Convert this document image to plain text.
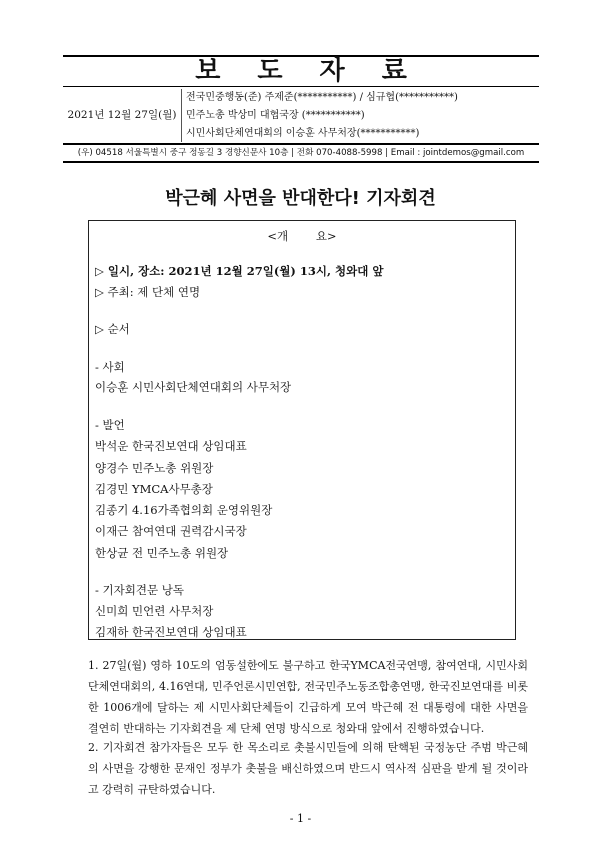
보 도 자 료
2021년 12월 27일(월)
전국민중행동(준) 주제준(***********) / 심규협(***********)
민주노총 박상미 대협국장 (***********)
시민사회단체연대회의 이승훈 사무처장(***********)
(우) 04518 서울특별시 중구 정동길 3 경향신문사 10층 | 전화 070-4088-5998 | Email : jointdemos@gmail.com
박근혜 사면을 반대한다! 기자회견
<개 요>
▷ 일시, 장소: 2021년 12월 27일(월) 13시, 청와대 앞
▷ 주최: 제 단체 연명
▷ 순서
- 사회
이승훈 시민사회단체연대회의 사무처장
- 발언
박석운 한국진보연대 상임대표
양경수 민주노총 위원장
김경민 YMCA사무총장
김종기 4.16가족협의회 운영위원장
이재근 참여연대 권력감시국장
한상균 전 민주노총 위원장
- 기자회견문 낭독
신미희 민언련 사무처장
김재하 한국진보연대 상임대표
1. 27일(월) 영하 10도의 엄동설한에도 불구하고 한국YMCA전국연맹, 참여연대, 시민사회단체연대회의, 4.16연대, 민주언론시민연합, 전국민주노동조합총연맹, 한국진보연대를 비롯한 1006개에 달하는 제 시민사회단체들이 긴급하게 모여 박근혜 전 대통령에 대한 사면을 결연히 반대하는 기자회견을 제 단체 연명 방식으로 청와대 앞에서 진행하였습니다.
2. 기자회견 참가자들은 모두 한 목소리로 촛불시민들에 의해 탄핵된 국정농단 주범 박근혜의 사면을 강행한 문재인 정부가 촛불을 배신하였으며 반드시 역사적 심판을 받게 될 것이라고 강력히 규탄하였습니다.
- 1 -
